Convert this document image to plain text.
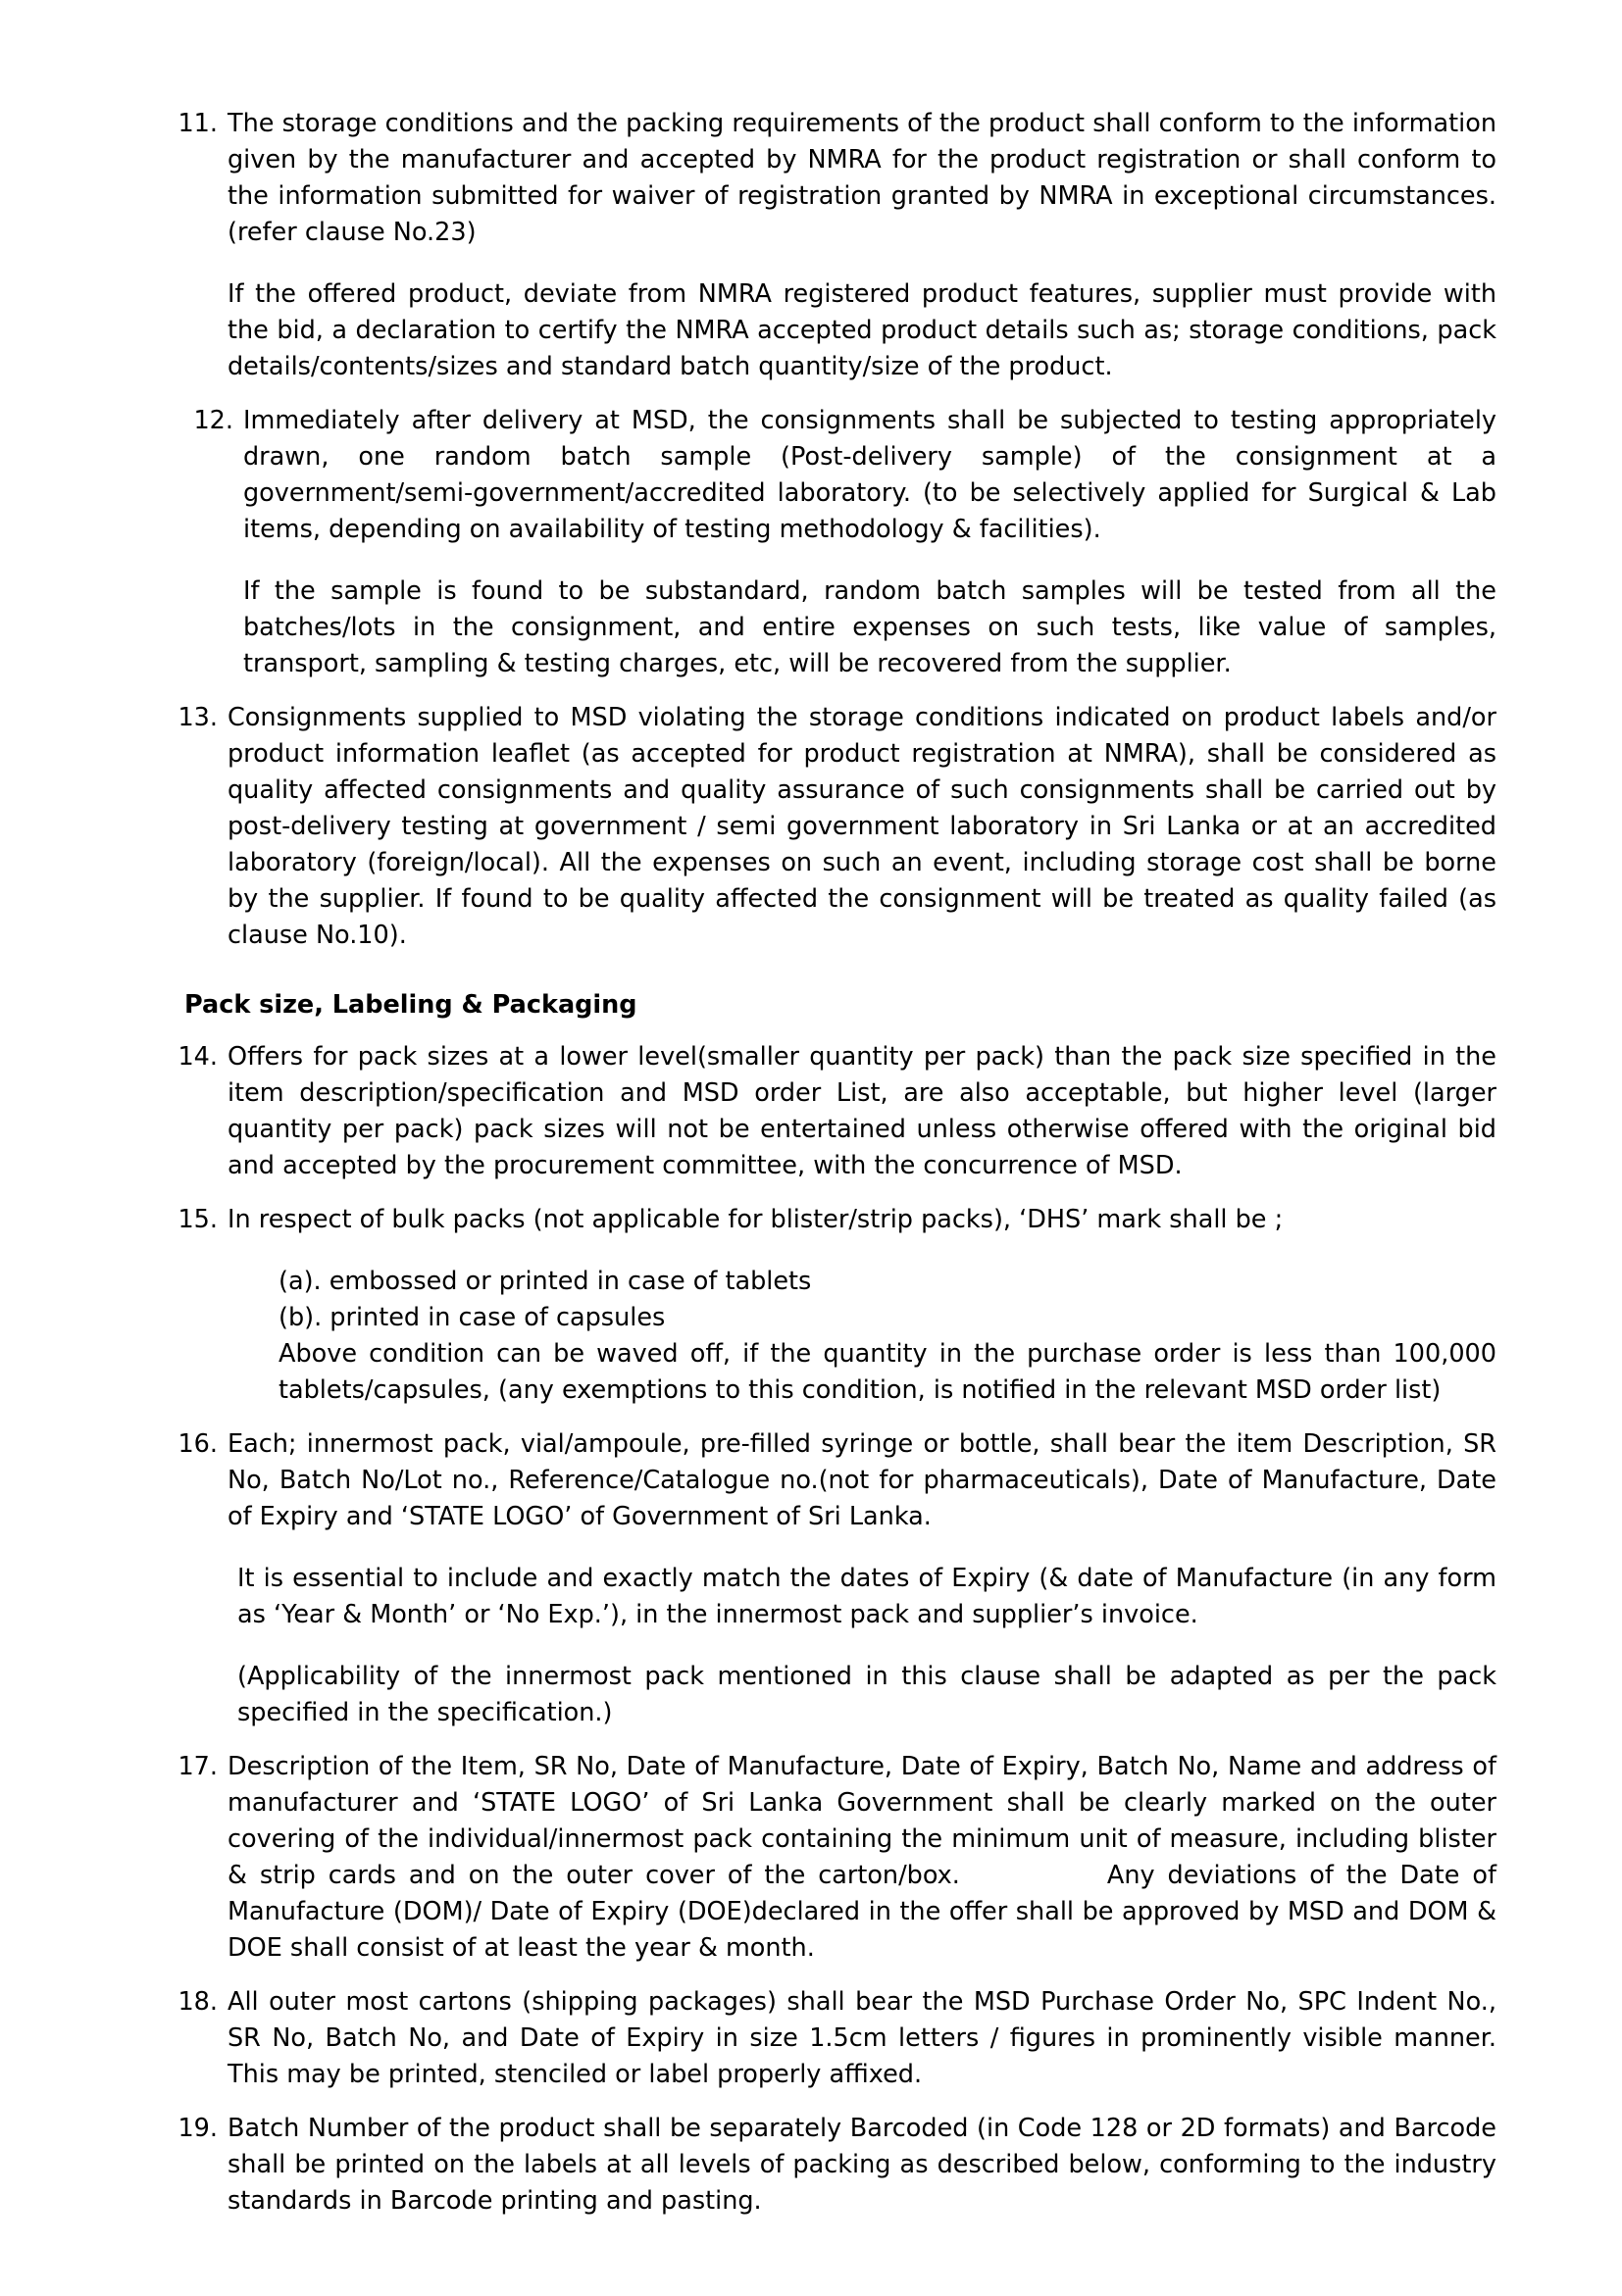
11. The storage conditions and the packing requirements of the product shall conform to the information given by the manufacturer and accepted by NMRA for the product registration or shall conform to the information submitted for waiver of registration granted by NMRA in exceptional circumstances.(refer clause No.23)

If the offered product, deviate from NMRA registered product features, supplier must provide with the bid, a declaration to certify the NMRA accepted product details such as; storage conditions, pack details/contents/sizes and standard batch quantity/size of the product.

12. Immediately after delivery at MSD, the consignments shall be subjected to testing appropriately drawn, one random batch sample (Post-delivery sample) of the consignment at a government/semi-government/accredited laboratory. (to be selectively applied for Surgical & Lab items, depending on availability of testing methodology & facilities).

If the sample is found to be substandard, random batch samples will be tested from all the batches/lots in the consignment, and entire expenses on such tests, like value of samples, transport, sampling & testing charges, etc, will be recovered from the supplier.

13. Consignments supplied to MSD violating the storage conditions indicated on product labels and/or product information leaflet (as accepted for product registration at NMRA), shall be considered as quality affected consignments and quality assurance of such consignments shall be carried out by post-delivery testing at government / semi government laboratory in Sri Lanka or at an accredited laboratory (foreign/local). All the expenses on such an event, including storage cost shall be borne by the supplier. If found to be quality affected the consignment will be treated as quality failed (as clause No.10).

Pack size, Labeling & Packaging
14. Offers for pack sizes at a lower level(smaller quantity per pack) than the pack size specified in the item description/specification and MSD order List, are also acceptable, but higher level (larger quantity per pack) pack sizes will not be entertained unless otherwise offered with the original bid and accepted by the procurement committee, with the concurrence of MSD.

15. In respect of bulk packs (not applicable for blister/strip packs), ‘DHS’ mark shall be ;

(a). embossed or printed in case of tablets

(b). printed in case of capsules

Above condition can be waved off, if the quantity in the purchase order is less than 100,000 tablets/capsules, (any exemptions to this condition, is notified in the relevant MSD order list)

16. Each; innermost pack, vial/ampoule, pre-filled syringe or bottle, shall bear the item Description, SR No, Batch No/Lot no., Reference/Catalogue no.(not for pharmaceuticals), Date of Manufacture, Date of Expiry and ‘STATE LOGO’ of Government of Sri Lanka.

It is essential to include and exactly match the dates of Expiry (& date of Manufacture (in any form as ‘Year & Month’ or ‘No Exp.’), in the innermost pack and supplier’s invoice.

(Applicability of the innermost pack mentioned in this clause shall be adapted as per the pack specified in the specification.)

17. Description of the Item, SR No, Date of Manufacture, Date of Expiry, Batch No, Name and address of manufacturer and ‘STATE LOGO’ of Sri Lanka Government shall be clearly marked on the outer covering of the individual/innermost pack containing the minimum unit of measure, including blister & strip cards and on the outer cover of the carton/box.	Any deviations of the Date of Manufacture (DOM)/ Date of Expiry (DOE)declared in the offer shall be approved by MSD and DOM & DOE shall consist of at least the year & month.

18. All outer most cartons (shipping packages) shall bear the MSD Purchase Order No, SPC Indent No., SR No, Batch No, and Date of Expiry in size 1.5cm letters / figures in prominently visible manner. This may be printed, stenciled or label properly affixed.

19. Batch Number of the product shall be separately Barcoded (in Code 128 or 2D formats) and Barcode shall be printed on the labels at all levels of packing as described below, conforming to the industry standards in Barcode printing and pasting.
